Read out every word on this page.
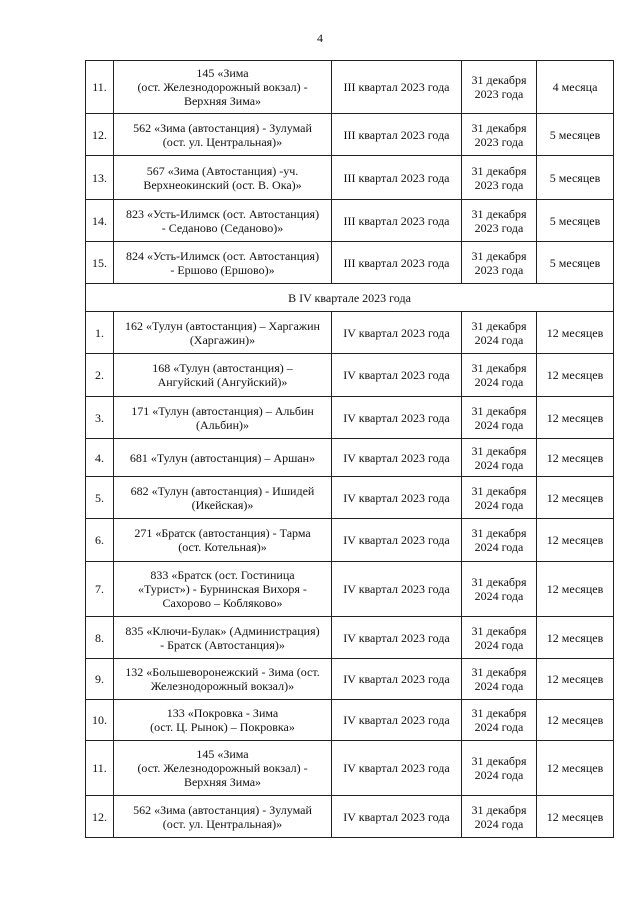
4
11.	145 «Зима
(ост. Железнодорожный вокзал) -
Верхняя Зима»	III квартал 2023 года	31 декабря
2023 года	4 месяца
12.	562 «Зима (автостанция) - Зулумай
(ост. ул. Центральная)»	III квартал 2023 года	31 декабря
2023 года	5 месяцев
13.	567 «Зима (Автостанция) -уч.
Верхнеокинский (ост. В. Ока)»	III квартал 2023 года	31 декабря
2023 года	5 месяцев
14.	823 «Усть-Илимск (ост. Автостанция)
- Седаново (Седаново)»	III квартал 2023 года	31 декабря
2023 года	5 месяцев
15.	824 «Усть-Илимск (ост. Автостанция)
- Ершово (Ершово)»	III квартал 2023 года	31 декабря
2023 года	5 месяцев
В IV квартале 2023 года				
1.	162 «Тулун (автостанция) – Харгажин
(Харгажин)»	IV квартал 2023 года	31 декабря
2024 года	12 месяцев
2.	168 «Тулун (автостанция) –
Ангуйский (Ангуйский)»	IV квартал 2023 года	31 декабря
2024 года	12 месяцев
3.	171 «Тулун (автостанция) – Альбин
(Альбин)»	IV квартал 2023 года	31 декабря
2024 года	12 месяцев
4.	681 «Тулун (автостанция) – Аршан»	IV квартал 2023 года	31 декабря
2024 года	12 месяцев
5.	682 «Тулун (автостанция) - Ишидей
(Икейская)»	IV квартал 2023 года	31 декабря
2024 года	12 месяцев
6.	271 «Братск (автостанция) - Тарма
(ост. Котельная)»	IV квартал 2023 года	31 декабря
2024 года	12 месяцев
7.	833 «Братск (ост. Гостиница
«Турист») - Бурнинская Вихоря -
Сахорово – Кобляково»	IV квартал 2023 года	31 декабря
2024 года	12 месяцев
8.	835 «Ключи-Булак» (Администрация)
- Братск (Автостанция)»	IV квартал 2023 года	31 декабря
2024 года	12 месяцев
9.	132 «Большеворонежский - Зима (ост.
Железнодорожный вокзал)»	IV квартал 2023 года	31 декабря
2024 года	12 месяцев
10.	133 «Покровка - Зима
(ост. Ц. Рынок) – Покровка»	IV квартал 2023 года	31 декабря
2024 года	12 месяцев
11.	145 «Зима
(ост. Железнодорожный вокзал) -
Верхняя Зима»	IV квартал 2023 года	31 декабря
2024 года	12 месяцев
12.	562 «Зима (автостанция) - Зулумай
(ост. ул. Центральная)»	IV квартал 2023 года	31 декабря
2024 года	12 месяцев
